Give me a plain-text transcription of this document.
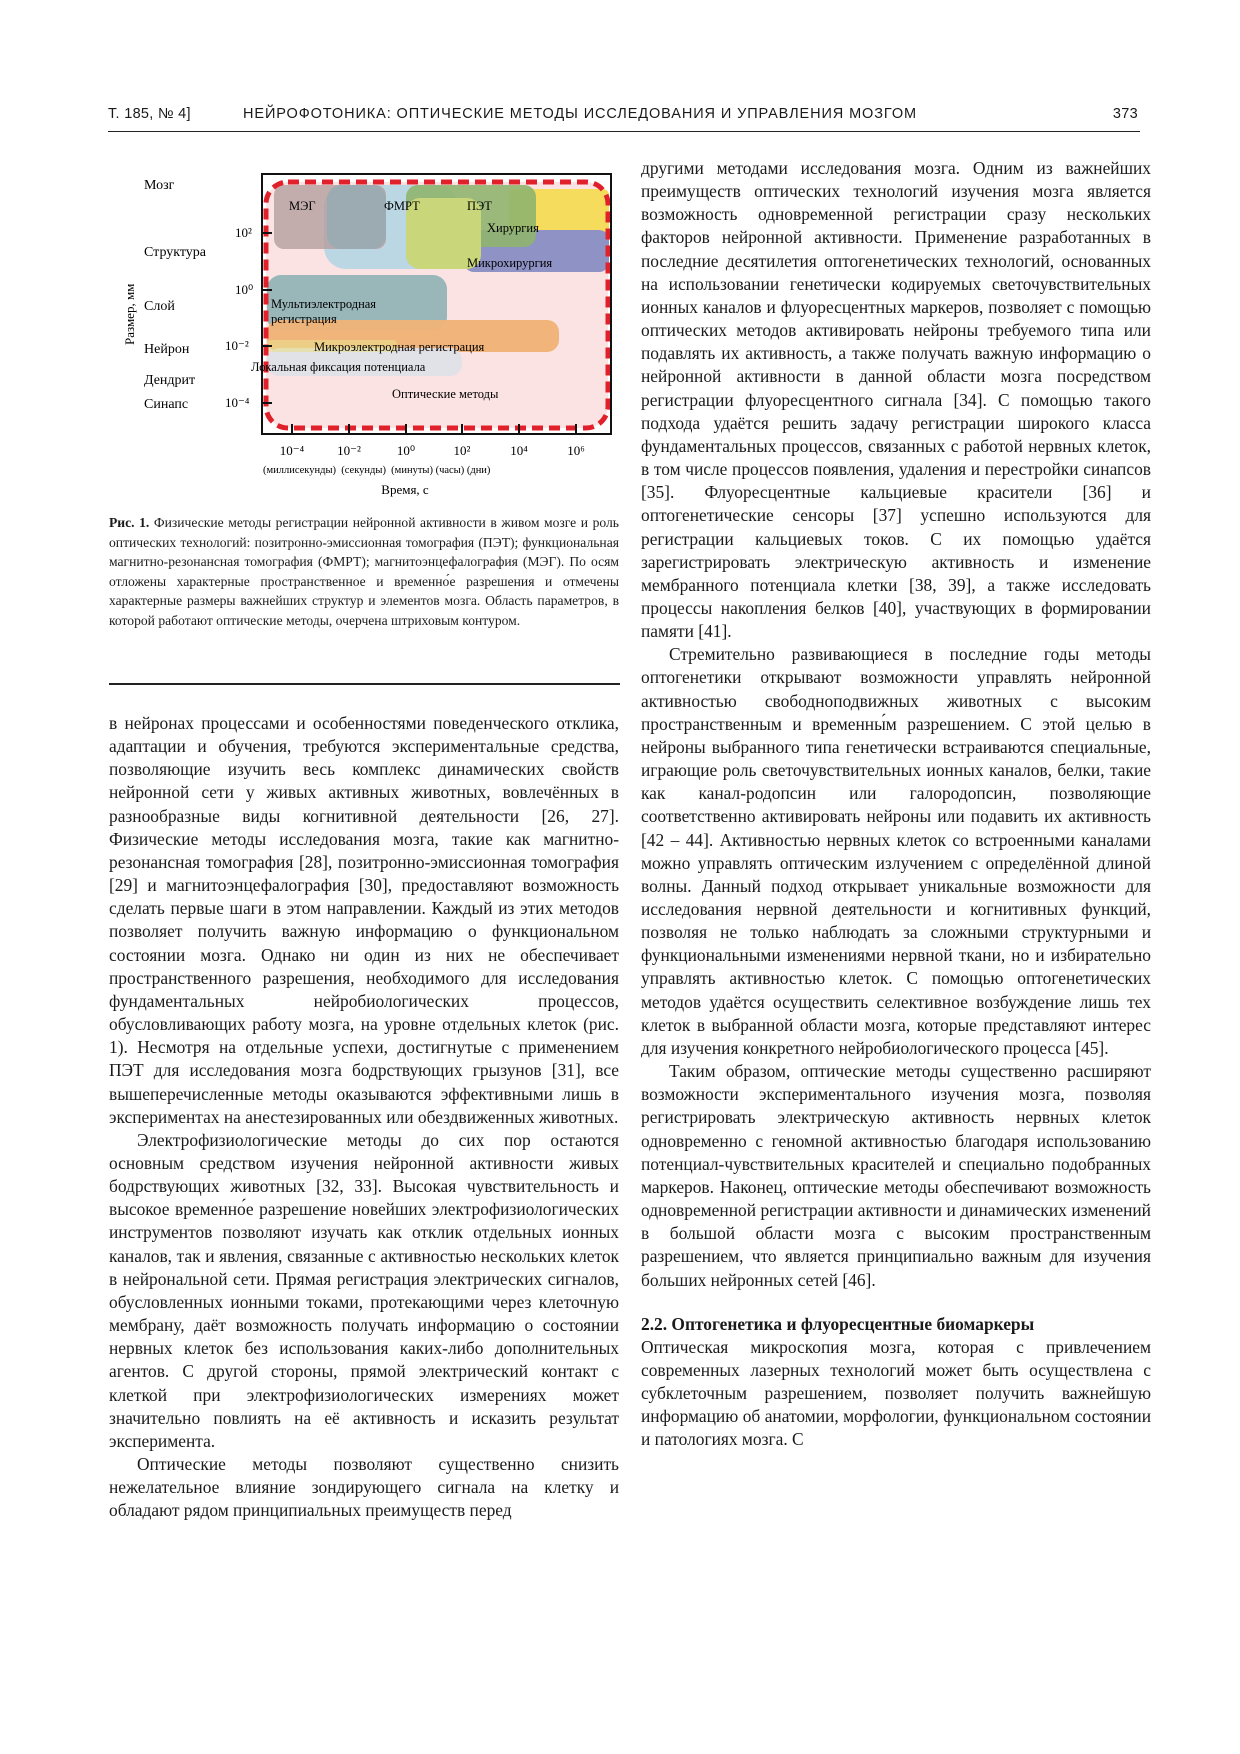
Т. 185, № 4]	НЕЙРОФОТОНИКА: ОПТИЧЕСКИЕ МЕТОДЫ ИССЛЕДОВАНИЯ И УПРАВЛЕНИЯ МОЗГОМ	373
МЭГ	ФМРТ	ПЭТ
Хирургия
Микрохирургия
Мультиэлектродная
регистрация
Микроэлектродная регистрация
Локальная фиксация потенциала
Оптические методы
10²
10⁰
10⁻²
10⁻⁴
Мозг
Структура
Слой
Нейрон
Дендрит
Синапс
Размер, мм
10⁻⁴	10⁻²	10⁰	10²	10⁴	10⁶
(миллисекунды)  (секунды)  (минуты) (часы) (дни)
Время, с
Рис. 1. Физические методы регистрации нейронной активности в живом мозге и роль оптических технологий: позитронно-эмиссионная томография (ПЭТ); функциональная магнитно-резонансная томография (ФМРТ); магнитоэнцефалография (МЭГ). По осям отложены характерные пространственное и временно́е разрешения и отмечены характерные размеры важнейших структур и элементов мозга. Область параметров, в которой работают оптические методы, очерчена штриховым контуром.

в нейронах процессами и особенностями поведенческого отклика, адаптации и обучения, требуются экспериментальные средства, позволяющие изучить весь комплекс динамических свойств нейронной сети у живых активных животных, вовлечённых в разнообразные виды когнитивной деятельности [26, 27]. Физические методы исследования мозга, такие как магнитно-резонансная томография [28], позитронно-эмиссионная томография [29] и магнитоэнцефалография [30], предоставляют возможность сделать первые шаги в этом направлении. Каждый из этих методов позволяет получить важную информацию о функциональном состоянии мозга. Однако ни один из них не обеспечивает пространственного разрешения, необходимого для исследования фундаментальных нейробиологических процессов, обусловливающих работу мозга, на уровне отдельных клеток (рис. 1). Несмотря на отдельные успехи, достигнутые с применением ПЭТ для исследования мозга бодрствующих грызунов [31], все вышеперечисленные методы оказываются эффективными лишь в экспериментах на анестезированных или обездвиженных животных.

Электрофизиологические методы до сих пор остаются основным средством изучения нейронной активности живых бодрствующих животных [32, 33]. Высокая чувствительность и высокое временно́е разрешение новейших электрофизиологических инструментов позволяют изучать как отклик отдельных ионных каналов, так и явления, связанные с активностью нескольких клеток в нейрональной сети. Прямая регистрация электрических сигналов, обусловленных ионными токами, протекающими через клеточную мембрану, даёт возможность получать информацию о состоянии нервных клеток без использования каких-либо дополнительных агентов. С другой стороны, прямой электрический контакт с клеткой при электрофизиологических измерениях может значительно повлиять на её активность и исказить результат эксперимента.

Оптические методы позволяют существенно снизить нежелательное влияние зондирующего сигнала на клетку и обладают рядом принципиальных преимуществ перед

другими методами исследования мозга. Одним из важнейших преимуществ оптических технологий изучения мозга является возможность одновременной регистрации сразу нескольких факторов нейронной активности. Применение разработанных в последние десятилетия оптогенетических технологий, основанных на использовании генетически кодируемых светочувствительных ионных каналов и флуоресцентных маркеров, позволяет с помощью оптических методов активировать нейроны требуемого типа или подавлять их активность, а также получать важную информацию о нейронной активности в данной области мозга посредством регистрации флуоресцентного сигнала [34]. С помощью такого подхода удаётся решить задачу регистрации широкого класса фундаментальных процессов, связанных с работой нервных клеток, в том числе процессов появления, удаления и перестройки синапсов [35]. Флуоресцентные кальциевые красители [36] и оптогенетические сенсоры [37] успешно используются для регистрации кальциевых токов. С их помощью удаётся зарегистрировать электрическую активность и изменение мембранного потенциала клетки [38, 39], а также исследовать процессы накопления белков [40], участвующих в формировании памяти [41].

Стремительно развивающиеся в последние годы методы оптогенетики открывают возможности управлять нейронной активностью свободноподвижных животных с высоким пространственным и временны́м разрешением. С этой целью в нейроны выбранного типа генетически встраиваются специальные, играющие роль светочувствительных ионных каналов, белки, такие как канал-родопсин или галородопсин, позволяющие соответственно активировать нейроны или подавить их активность [42 – 44]. Активностью нервных клеток со встроенными каналами можно управлять оптическим излучением с определённой длиной волны. Данный подход открывает уникальные возможности для исследования нервной деятельности и когнитивных функций, позволяя не только наблюдать за сложными структурными и функциональными изменениями нервной ткани, но и избирательно управлять активностью клеток. С помощью оптогенетических методов удаётся осуществить селективное возбуждение лишь тех клеток в выбранной области мозга, которые представляют интерес для изучения конкретного нейробиологического процесса [45].

Таким образом, оптические методы существенно расширяют возможности экспериментального изучения мозга, позволяя регистрировать электрическую активность нервных клеток одновременно с геномной активностью благодаря использованию потенциал-чувствительных красителей и специально подобранных маркеров. Наконец, оптические методы обеспечивают возможность одновременной регистрации активности и динамических изменений в большой области мозга с высоким пространственным разрешением, что является принципиально важным для изучения больших нейронных сетей [46].

2.2. Оптогенетика и флуоресцентные биомаркеры

Оптическая микроскопия мозга, которая с привлечением современных лазерных технологий может быть осуществлена с субклеточным разрешением, позволяет получить важнейшую информацию об анатомии, морфологии, функциональном состоянии и патологиях мозга. С
